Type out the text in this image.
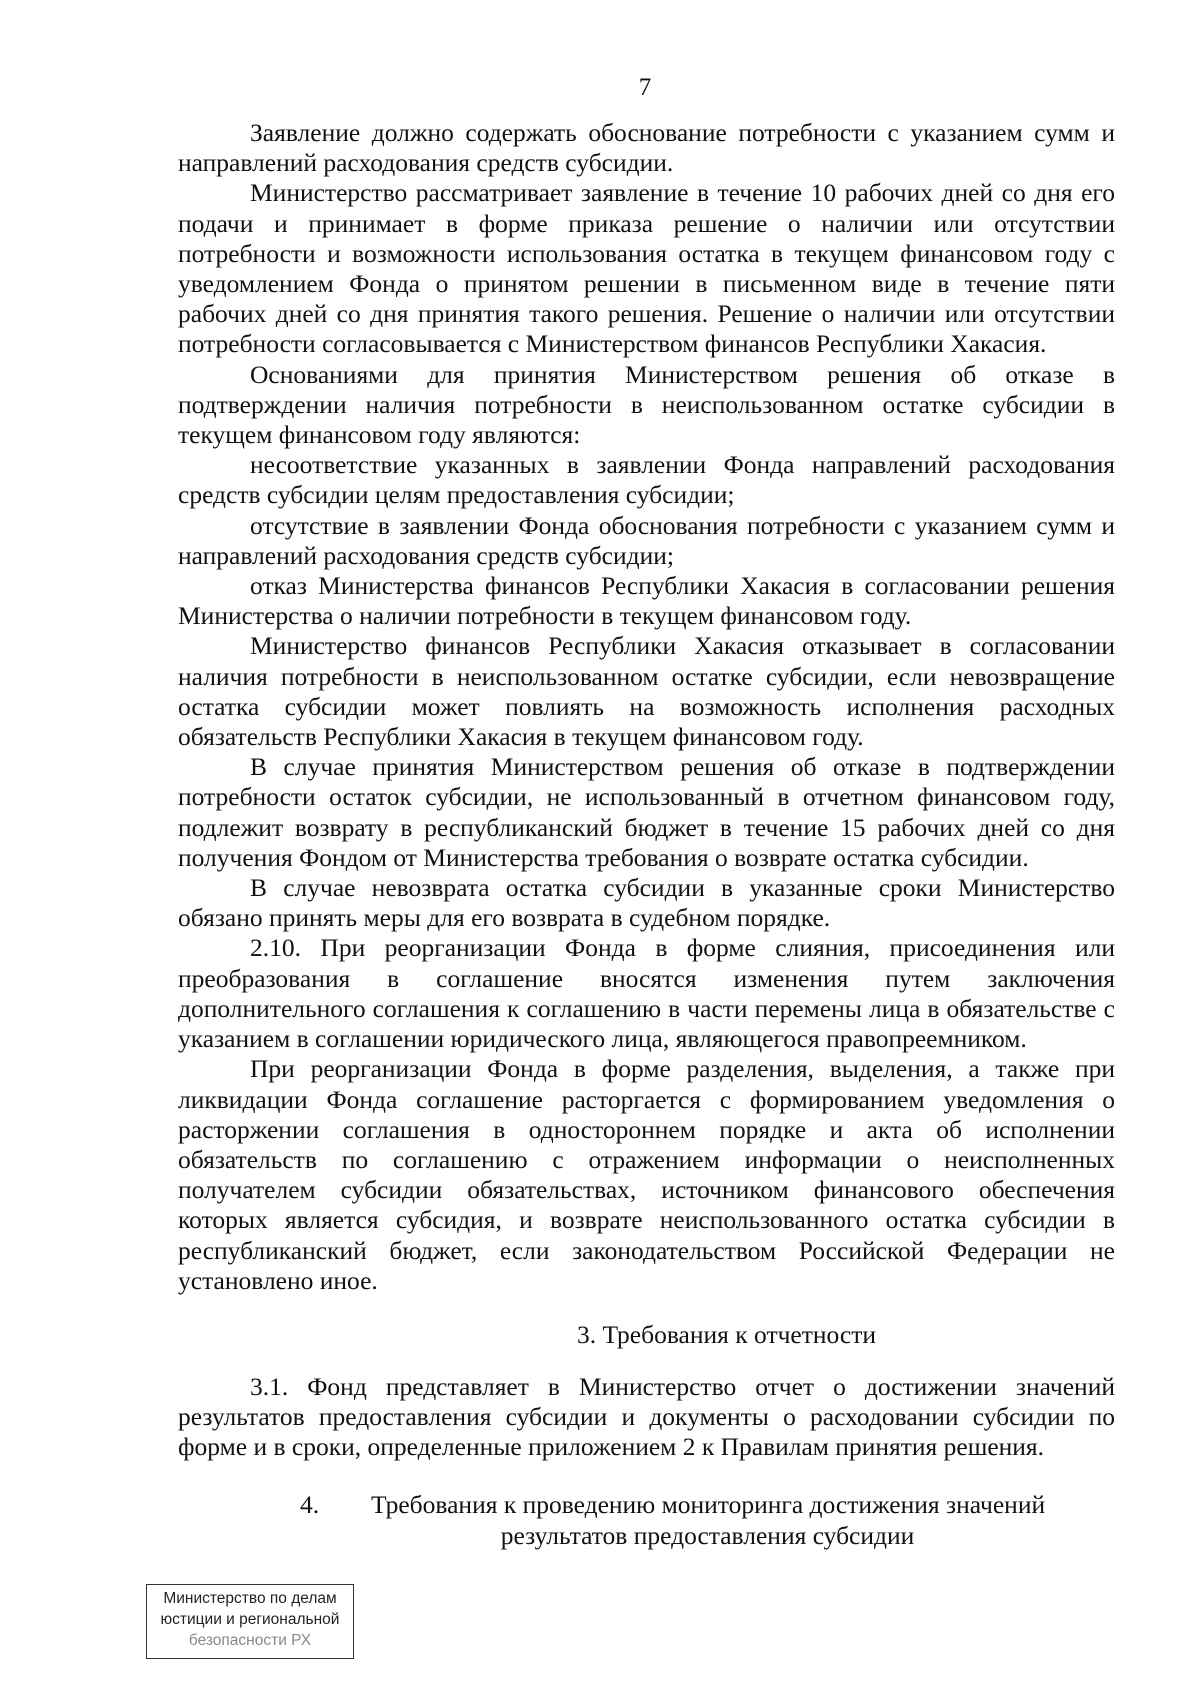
7

Заявление должно содержать обоснование потребности с указанием сумм и направлений расходования средств субсидии.

Министерство рассматривает заявление в течение 10 рабочих дней со дня его подачи и принимает в форме приказа решение о наличии или отсутствии потребности и возможности использования остатка в текущем финансовом году с уведомлением Фонда о принятом решении в письменном виде в течение пяти рабочих дней со дня принятия такого решения. Решение о наличии или отсутствии потребности согласовывается с Министерством финансов Республики Хакасия.

Основаниями для принятия Министерством решения об отказе в подтверждении наличия потребности в неиспользованном остатке субсидии в текущем финансовом году являются:

несоответствие указанных в заявлении Фонда направлений расходования средств субсидии целям предоставления субсидии;

отсутствие в заявлении Фонда обоснования потребности с указанием сумм и направлений расходования средств субсидии;

отказ Министерства финансов Республики Хакасия в согласовании решения Министерства о наличии потребности в текущем финансовом году.

Министерство финансов Республики Хакасия отказывает в согласовании наличия потребности в неиспользованном остатке субсидии, если невозвращение остатка субсидии может повлиять на возможность исполнения расходных обязательств Республики Хакасия в текущем финансовом году.

В случае принятия Министерством решения об отказе в подтверждении потребности остаток субсидии, не использованный в отчетном финансовом году, подлежит возврату в республиканский бюджет в течение 15 рабочих дней со дня получения Фондом от Министерства требования о возврате остатка субсидии.

В случае невозврата остатка субсидии в указанные сроки Министерство обязано принять меры для его возврата в судебном порядке.

2.10. При реорганизации Фонда в форме слияния, присоединения или преобразования в соглашение вносятся изменения путем заключения дополнительного соглашения к соглашению в части перемены лица в обязательстве с указанием в соглашении юридического лица, являющегося правопреемником.

При реорганизации Фонда в форме разделения, выделения, а также при ликвидации Фонда соглашение расторгается с формированием уведомления о расторжении соглашения в одностороннем порядке и акта об исполнении обязательств по соглашению с отражением информации о неисполненных получателем субсидии обязательствах, источником финансового обеспечения которых является субсидия, и возврате неиспользованного остатка субсидии в республиканский бюджет, если законодательством Российской Федерации не установлено иное.

3. Требования к отчетности

3.1. Фонд представляет в Министерство отчет о достижении значений результатов предоставления субсидии и документы о расходовании субсидии по форме и в сроки, определенные приложением 2 к Правилам принятия решения.

4. Требования к проведению мониторинга достижения значений
результатов предоставления субсидии
Министерство по делам
юстиции и региональной
безопасности РХ
